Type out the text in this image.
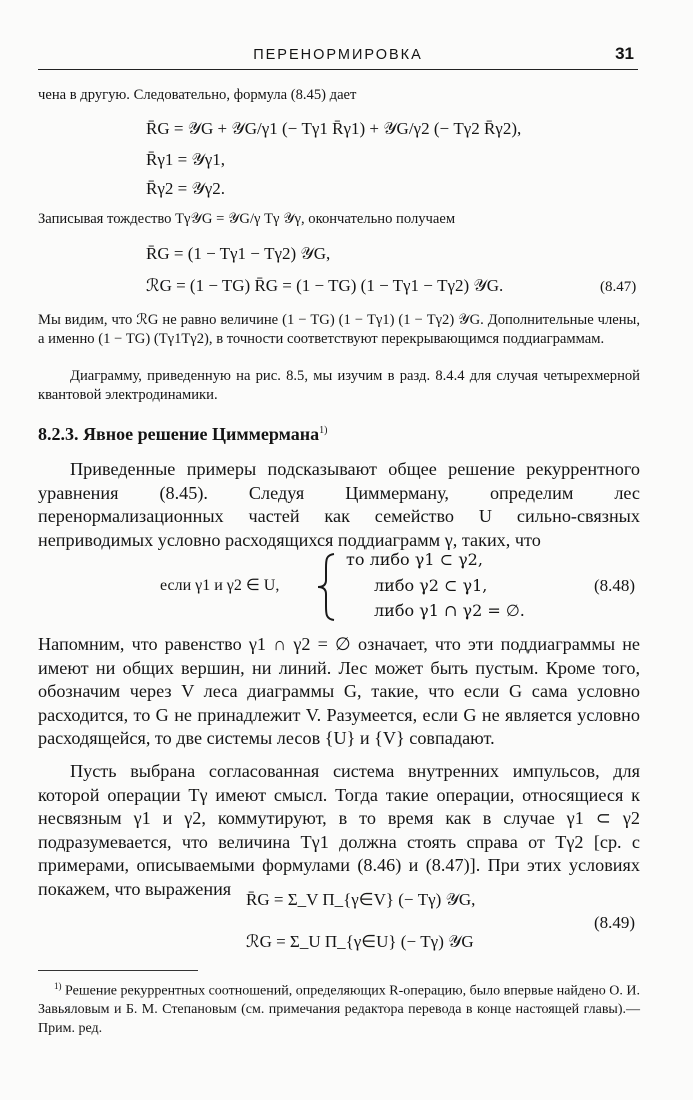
ПЕРЕНОРМИРОВКА	31
чена в другую. Следовательно, формула (8.45) дает
R̄G = 𝒴G + 𝒴G/γ1 (− Tγ1 R̄γ1) + 𝒴G/γ2 (− Tγ2 R̄γ2),
R̄γ1 = 𝒴γ1,
R̄γ2 = 𝒴γ2.
Записывая тождество Tγ𝒴G = 𝒴G/γ Tγ 𝒴γ, окончательно получаем
R̄G = (1 − Tγ1 − Tγ2) 𝒴G,
ℛG = (1 − TG) R̄G = (1 − TG) (1 − Tγ1 − Tγ2) 𝒴G.	(8.47)
Мы видим, что ℛG не равно величине (1 − TG) (1 − Tγ1) (1 − Tγ2) 𝒴G. Дополнительные члены, а именно (1 − TG) (Tγ1Tγ2), в точности соответствуют перекрывающимся поддиаграммам.
Диаграмму, приведенную на рис. 8.5, мы изучим в разд. 8.4.4 для случая четырехмерной квантовой электродинамики.
8.2.3. Явное решение Циммермана$^{1)}$
Приведенные примеры подсказывают общее решение рекуррентного уравнения (8.45). Следуя Циммерману, определим лес перенормализационных частей как семейство U сильно-связных неприводимых условно расходящихся поддиаграмм γ, таких, что
если γ1 и γ2 ∈ U,
то либо γ1 ⊂ γ2,
либо γ2 ⊂ γ1,
либо γ1 ∩ γ2 = ∅.
(8.48)
Напомним, что равенство γ1 ∩ γ2 = ∅ означает, что эти поддиаграммы не имеют ни общих вершин, ни линий. Лес может быть пустым. Кроме того, обозначим через V леса диаграммы G, такие, что если G сама условно расходится, то G не принадлежит V. Разумеется, если G не является условно расходящейся, то две системы лесов {U} и {V} совпадают.
Пусть выбрана согласованная система внутренних импульсов, для которой операции Tγ имеют смысл. Тогда такие операции, относящиеся к несвязным γ1 и γ2, коммутируют, в то время как в случае γ1 ⊂ γ2 подразумевается, что величина Tγ1 должна стоять справа от Tγ2 [ср. с примерами, описываемыми формулами (8.46) и (8.47)]. При этих условиях покажем, что выражения
R̄G = Σ_V Π_{γ∈V} (− Tγ) 𝒴G,
ℛG = Σ_U Π_{γ∈U} (− Tγ) 𝒴G
(8.49)
$^{1)}$ Решение рекуррентных соотношений, определяющих R-операцию, было впервые найдено О. И. Завьяловым и Б. М. Степановым (см. примечания редактора перевода в конце настоящей главы).— Прим. ред.
